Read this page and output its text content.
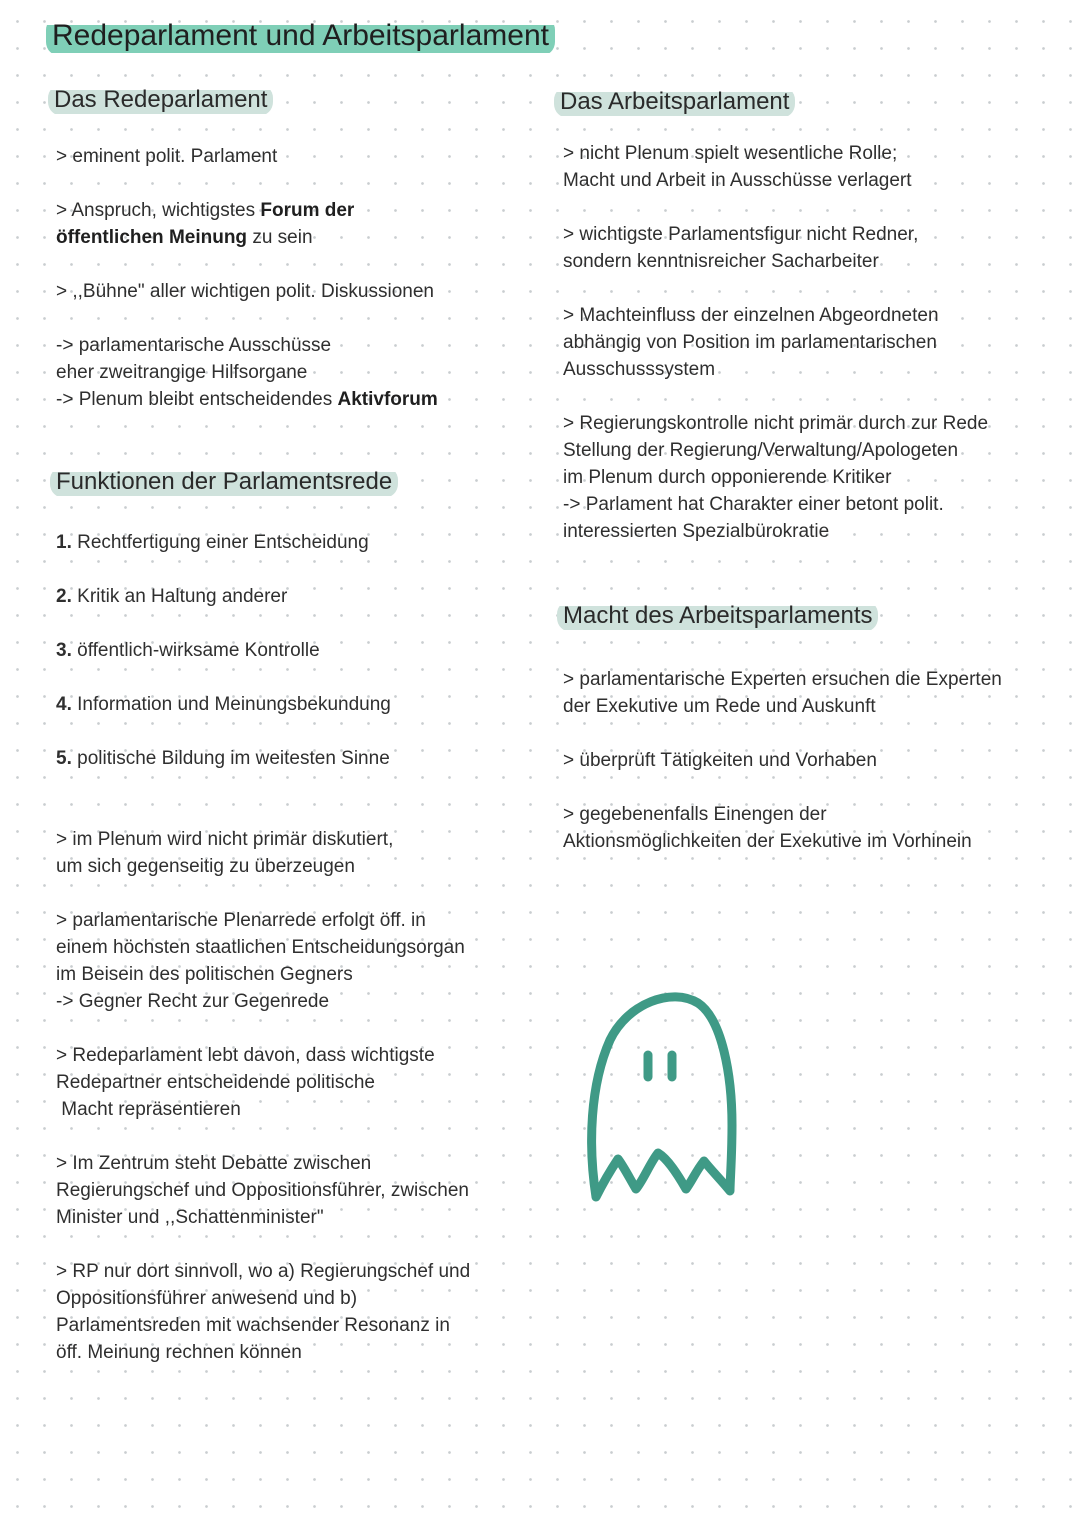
Redeparlament und Arbeitsparlament
Das Redeparlament

> eminent polit. Parlament

> Anspruch, wichtigstes Forum der

öffentlichen Meinung zu sein

> ,,Bühne" aller wichtigen polit. Diskussionen

-> parlamentarische Ausschüsse

eher zweitrangige Hilfsorgane

-> Plenum bleibt entscheidendes Aktivforum

Funktionen der Parlamentsrede

1. Rechtfertigung einer Entscheidung

2. Kritik an Haltung anderer

3. öffentlich-wirksame Kontrolle

4. Information und Meinungsbekundung

5. politische Bildung im weitesten Sinne

> im Plenum wird nicht primär diskutiert,

um sich gegenseitig zu überzeugen

> parlamentarische Plenarrede erfolgt öff. in

einem höchsten staatlichen Entscheidungsorgan

im Beisein des politischen Gegners

-> Gegner Recht zur Gegenrede

> Redeparlament lebt davon, dass wichtigste

Redepartner entscheidende politische

Macht repräsentieren

> Im Zentrum steht Debatte zwischen

Regierungschef und Oppositionsführer, zwischen

Minister und ,,Schattenminister"

> RP nur dort sinnvoll, wo a) Regierungschef und

Oppositionsführer anwesend und b)

Parlamentsreden mit wachsender Resonanz in

öff. Meinung rechnen können

Das Arbeitsparlament

> nicht Plenum spielt wesentliche Rolle;

Macht und Arbeit in Ausschüsse verlagert

> wichtigste Parlamentsfigur nicht Redner,

sondern kenntnisreicher Sacharbeiter

> Machteinfluss der einzelnen Abgeordneten

abhängig von Position im parlamentarischen

Ausschusssystem

> Regierungskontrolle nicht primär durch zur Rede

Stellung der Regierung/Verwaltung/Apologeten

im Plenum durch opponierende Kritiker

-> Parlament hat Charakter einer betont polit.

interessierten Spezialbürokratie

Macht des Arbeitsparlaments

> parlamentarische Experten ersuchen die Experten

der Exekutive um Rede und Auskunft

> überprüft Tätigkeiten und Vorhaben

> gegebenenfalls Einengen der

Aktionsmöglichkeiten der Exekutive im Vorhinein
